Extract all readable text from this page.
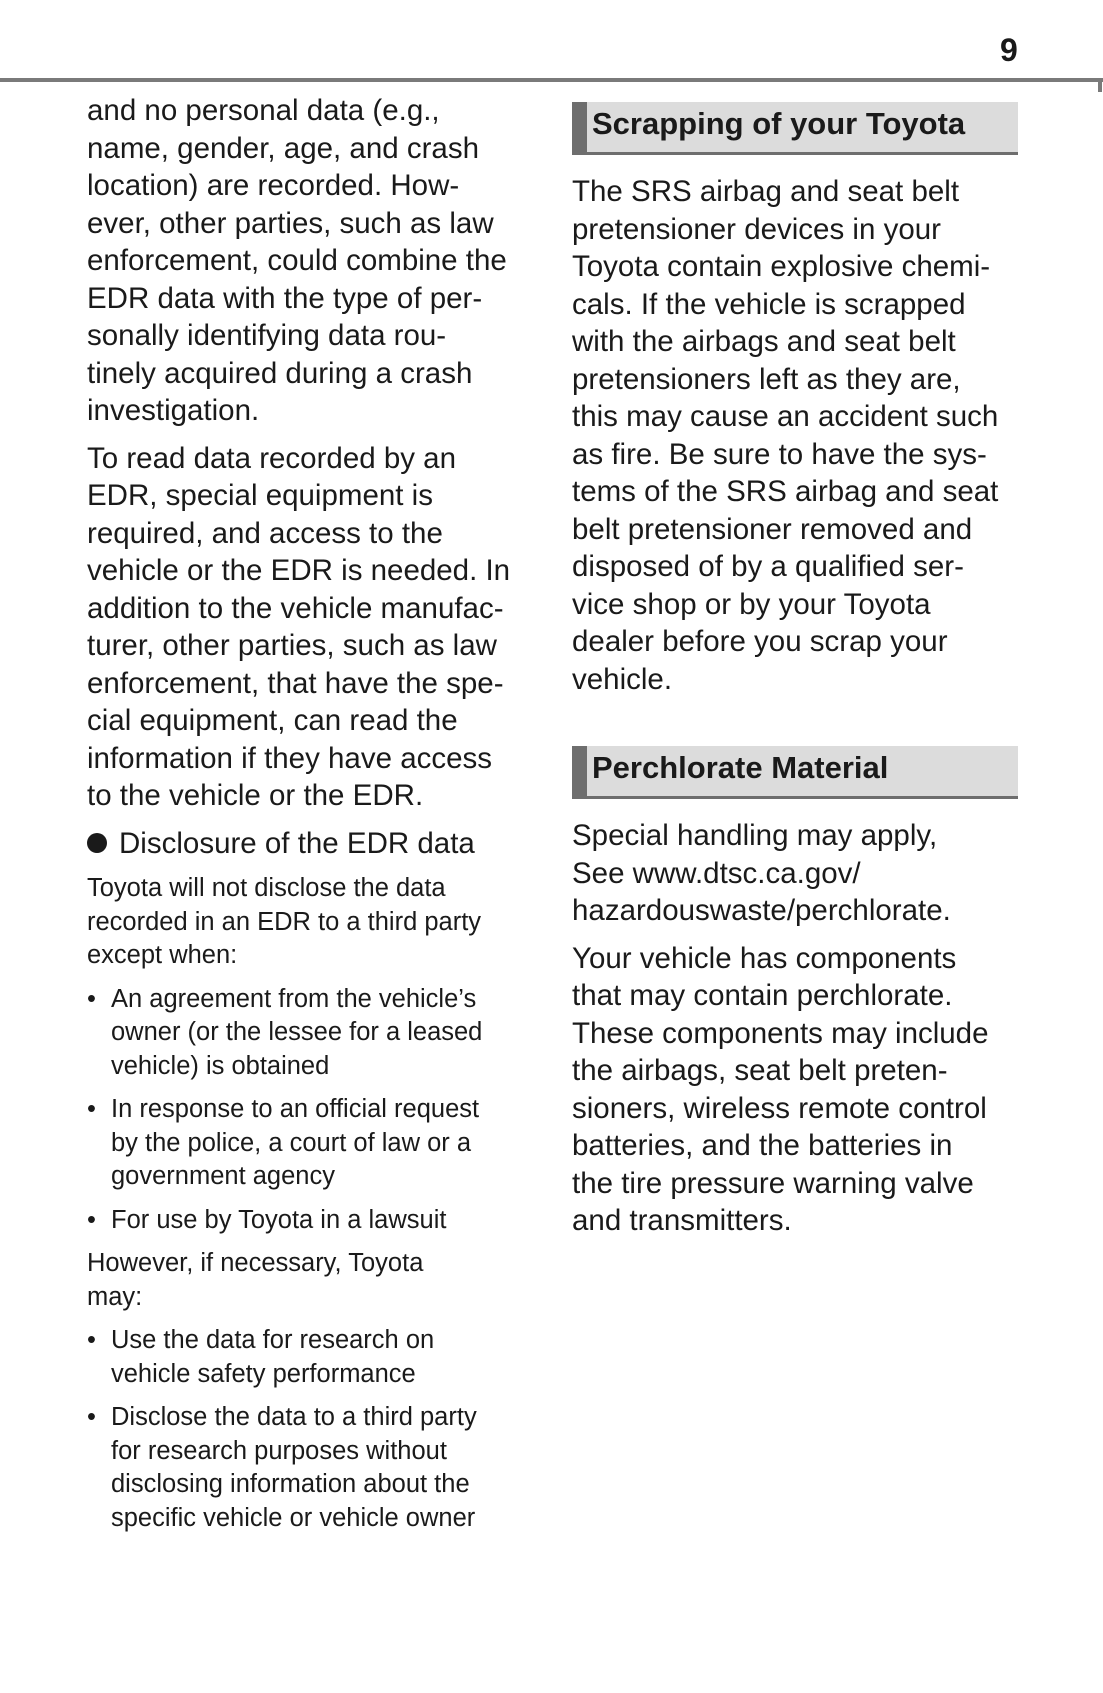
9

and no personal data (e.g.,
name, gender, age, and crash
location) are recorded. How-
ever, other parties, such as law
enforcement, could combine the
EDR data with the type of per-
sonally identifying data rou-
tinely acquired during a crash
investigation.

To read data recorded by an
EDR, special equipment is
required, and access to the
vehicle or the EDR is needed. In
addition to the vehicle manufac-
turer, other parties, such as law
enforcement, that have the spe-
cial equipment, can read the
information if they have access
to the vehicle or the EDR.

Disclosure of the EDR data

Toyota will not disclose the data
recorded in an EDR to a third party
except when:

• An agreement from the vehicle’s
owner (or the lessee for a leased
vehicle) is obtained
• In response to an official request
by the police, a court of law or a
government agency
• For use by Toyota in a lawsuit

However, if necessary, Toyota
may:

• Use the data for research on
vehicle safety performance
• Disclose the data to a third party
for research purposes without
disclosing information about the
specific vehicle or vehicle owner
Scrapping of your Toyota

The SRS airbag and seat belt
pretensioner devices in your
Toyota contain explosive chemi-
cals. If the vehicle is scrapped
with the airbags and seat belt
pretensioners left as they are,
this may cause an accident such
as fire. Be sure to have the sys-
tems of the SRS airbag and seat
belt pretensioner removed and
disposed of by a qualified ser-
vice shop or by your Toyota
dealer before you scrap your
vehicle.

Perchlorate Material

Special handling may apply,
See www.dtsc.ca.gov/
hazardouswaste/perchlorate.

Your vehicle has components
that may contain perchlorate.
These components may include
the airbags, seat belt preten-
sioners, wireless remote control
batteries, and the batteries in
the tire pressure warning valve
and transmitters.
